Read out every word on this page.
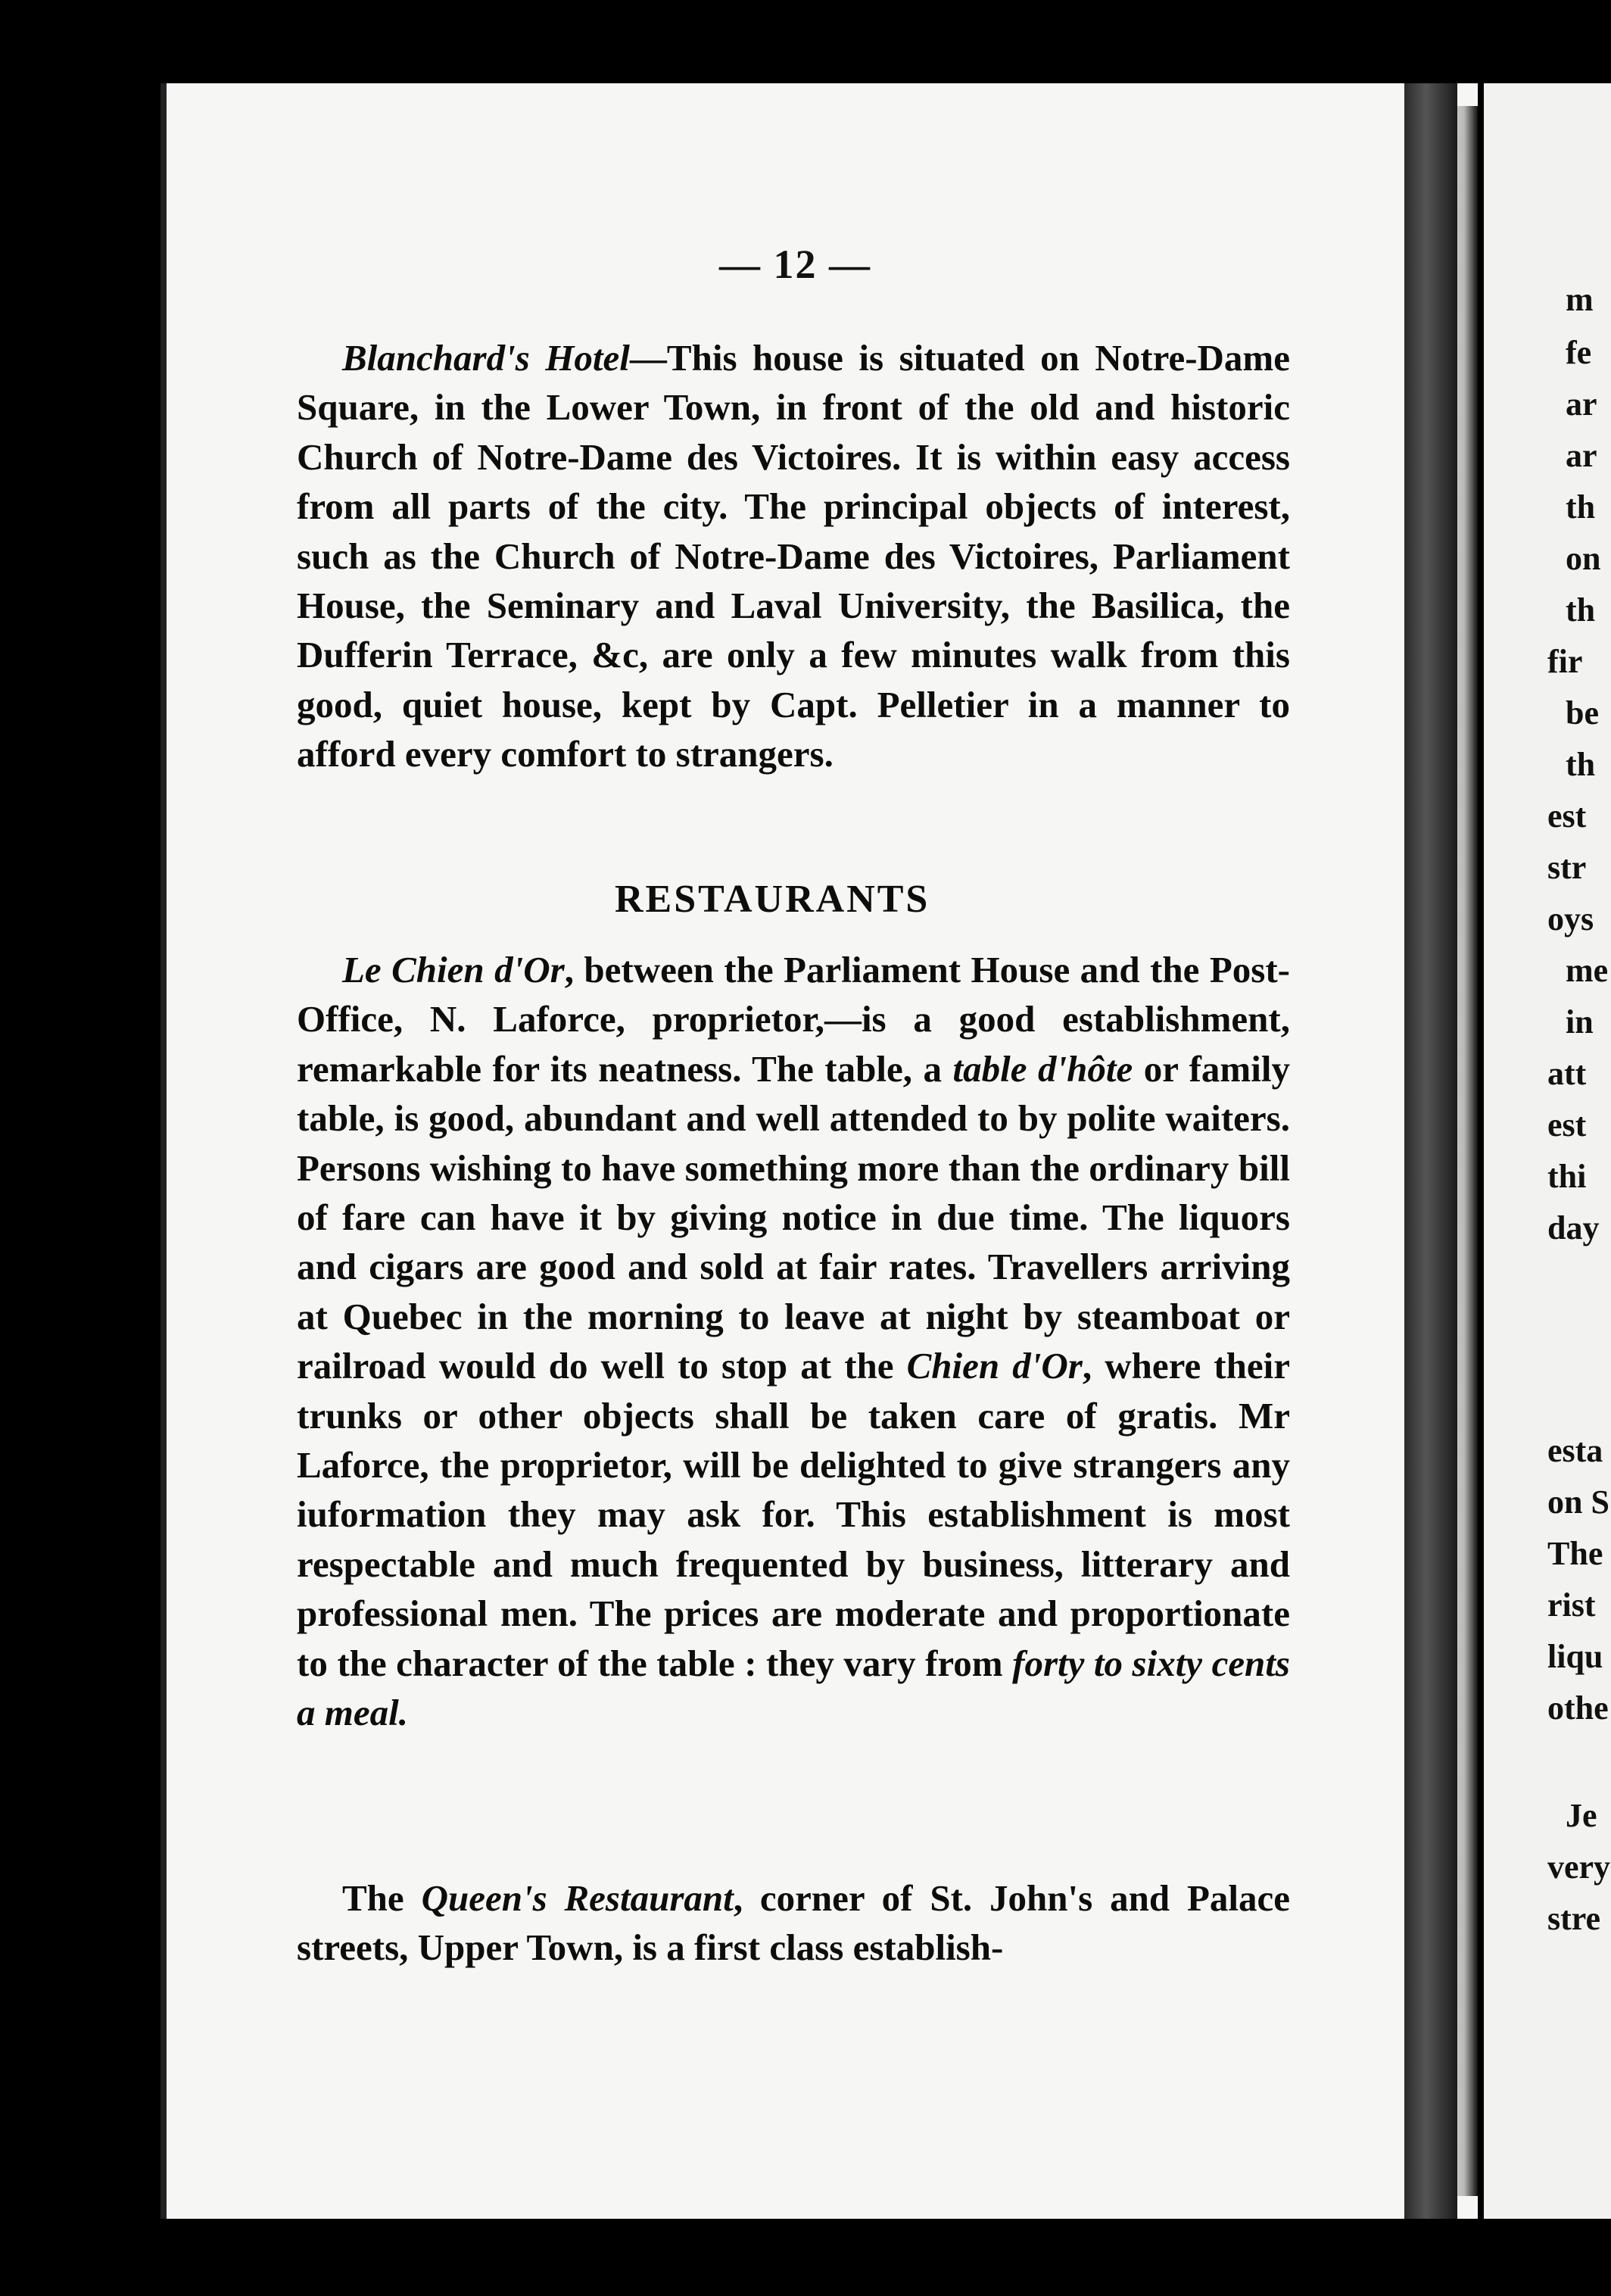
m
fe
ar
ar
th
on
th
fir
be
th
est
str
oys
me
in
att
est
thi
day
esta
on S
The
rist
liqu
othe
Je
very
stre
— 12 —

Blanchard's Hotel—This house is situated on Notre-Dame Square, in the Lower Town, in front of the old and historic Church of Notre-Dame des Victoires. It is within easy access from all parts of the city. The principal objects of interest, such as the Church of Notre-Dame des Victoires, Parliament House, the Seminary and Laval University, the Basilica, the Dufferin Terrace, &c, are only a few minutes walk from this good, quiet house, kept by Capt. Pelletier in a manner to afford every comfort to strangers.

RESTAURANTS

Le Chien d'Or, between the Parliament House and the Post-Office, N. Laforce, proprietor,—is a good establishment, remarkable for its neatness. The table, a table d'hôte or family table, is good, abundant and well attended to by polite waiters. Persons wishing to have something more than the ordinary bill of fare can have it by giving notice in due time. The liquors and cigars are good and sold at fair rates. Travellers arriving at Quebec in the morning to leave at night by steamboat or railroad would do well to stop at the Chien d'Or, where their trunks or other objects shall be taken care of gratis. Mr Laforce, the proprietor, will be delighted to give strangers any iuformation they may ask for. This establishment is most respectable and much frequented by business, litterary and professional men. The prices are moderate and proportionate to the character of the table : they vary from forty to sixty cents a meal.

The Queen's Restaurant, corner of St. John's and Palace streets, Upper Town, is a first class establish-
